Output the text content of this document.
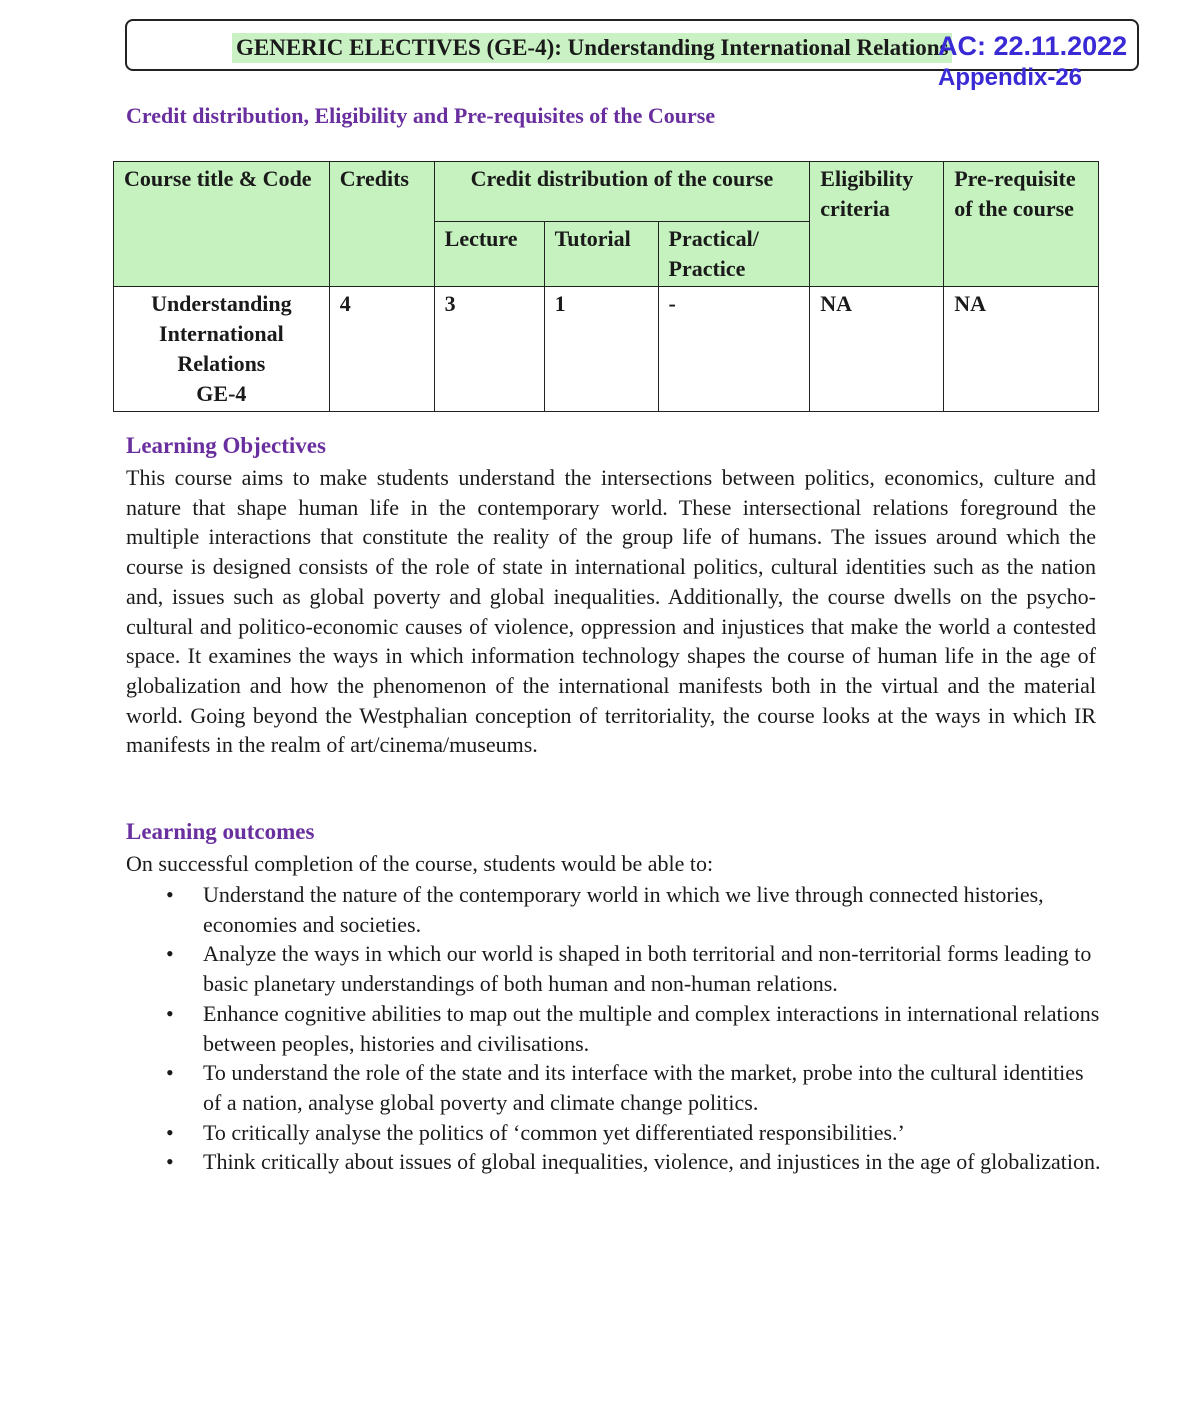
GENERIC ELECTIVES (GE-4): Understanding International Relations
AC: 22.11.2022
Appendix-26
Credit distribution, Eligibility and Pre-requisites of the Course
Course title & Code	Credits	Credit distribution of the course			Eligibility criteria	Pre-requisite of the course
		Lecture	Tutorial	Practical/ Practice		

Understanding International Relations
GE-4	4	3	1	-	NA	NA
Learning Objectives

This course aims to make students understand the intersections between politics, economics, culture and nature that shape human life in the contemporary world. These intersectional relations foreground the multiple interactions that constitute the reality of the group life of humans. The issues around which the course is designed consists of the role of state in international politics, cultural identities such as the nation and, issues such as global poverty and global inequalities. Additionally, the course dwells on the psycho-cultural and politico-economic causes of violence, oppression and injustices that make the world a contested space. It examines the ways in which information technology shapes the course of human life in the age of globalization and how the phenomenon of the international manifests both in the virtual and the material world. Going beyond the Westphalian conception of territoriality, the course looks at the ways in which IR manifests in the realm of art/cinema/museums.

Learning outcomes
On successful completion of the course, students would be able to:
• Understand the nature of the contemporary world in which we live through connected histories, economies and societies.
• Analyze the ways in which our world is shaped in both territorial and non-territorial forms leading to basic planetary understandings of both human and non-human relations.
• Enhance cognitive abilities to map out the multiple and complex interactions in international relations between peoples, histories and civilisations.
• To understand the role of the state and its interface with the market, probe into the cultural identities of a nation, analyse global poverty and climate change politics.
• To critically analyse the politics of ‘common yet differentiated responsibilities.’
• Think critically about issues of global inequalities, violence, and injustices in the age of globalization.
